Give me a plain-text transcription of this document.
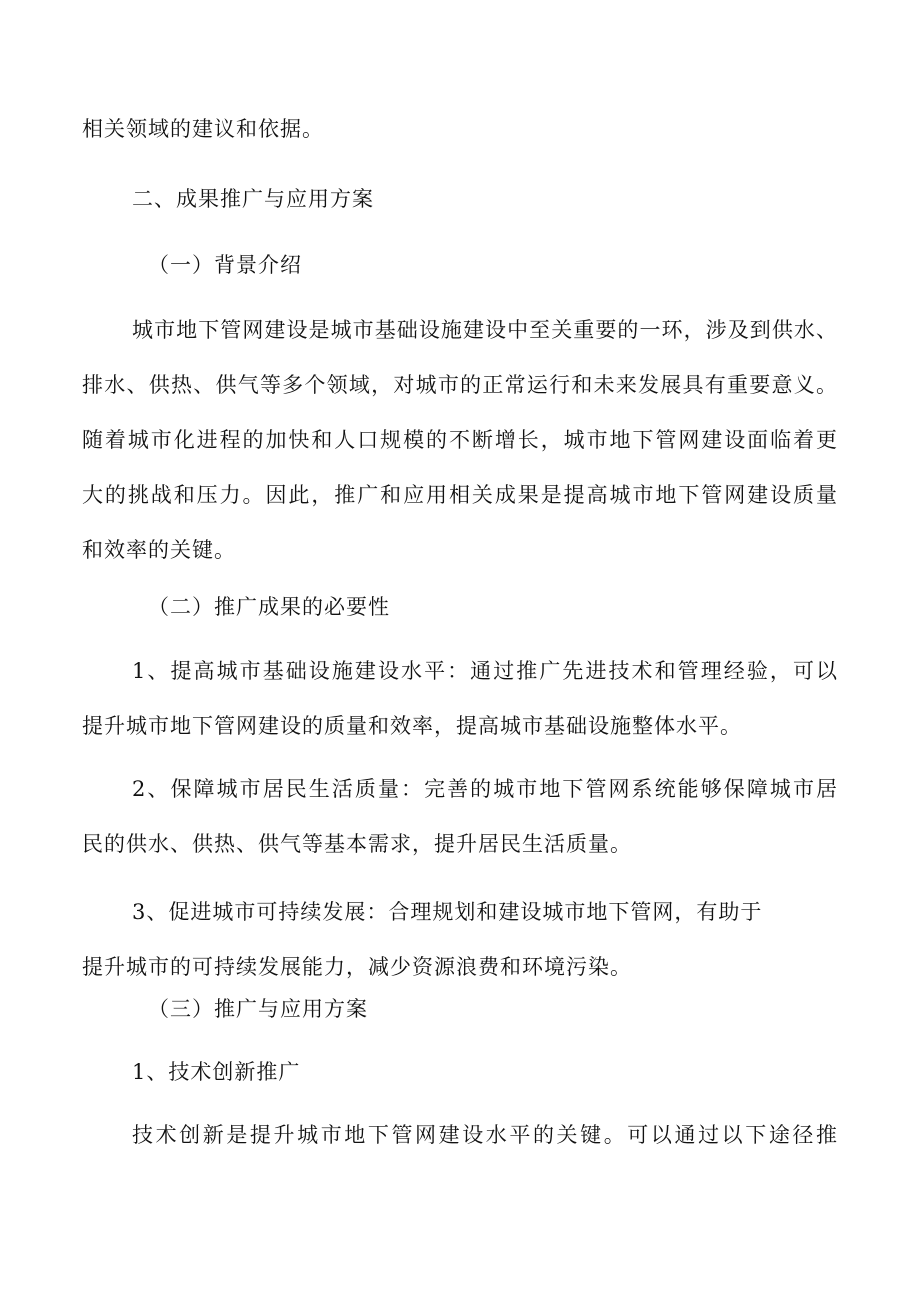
相关领域的建议和依据。
二、成果推广与应用方案
（一）背景介绍
城市地下管网建设是城市基础设施建设中至关重要的一环，涉及到供水、
排水、供热、供气等多个领域，对城市的正常运行和未来发展具有重要意义。
随着城市化进程的加快和人口规模的不断增长，城市地下管网建设面临着更
大的挑战和压力。因此，推广和应用相关成果是提高城市地下管网建设质量
和效率的关键。
（二）推广成果的必要性
1、提高城市基础设施建设水平：通过推广先进技术和管理经验，可以
提升城市地下管网建设的质量和效率，提高城市基础设施整体水平。
2、保障城市居民生活质量：完善的城市地下管网系统能够保障城市居
民的供水、供热、供气等基本需求，提升居民生活质量。
3、促进城市可持续发展：合理规划和建设城市地下管网，有助于
提升城市的可持续发展能力，减少资源浪费和环境污染。
（三）推广与应用方案
1、技术创新推广
技术创新是提升城市地下管网建设水平的关键。可以通过以下途径推
